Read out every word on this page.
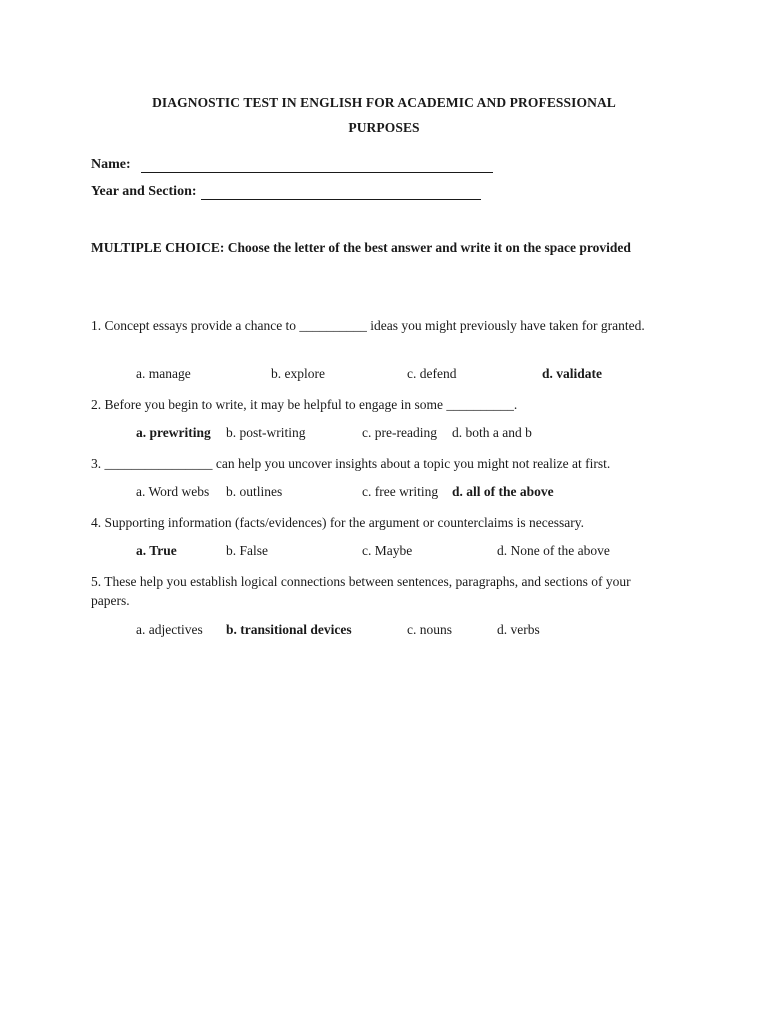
DIAGNOSTIC TEST IN ENGLISH FOR ACADEMIC AND PROFESSIONAL
PURPOSES
Name:
Year and Section:
MULTIPLE CHOICE: Choose the letter of the best answer and write it on the space provided
1. Concept essays provide a chance to __________ ideas you might previously have taken for granted.
a. manage	b. explore	c. defend	d. validate
2. Before you begin to write, it may be helpful to engage in some __________.
a. prewriting b. post-writing	c. pre-reading d. both a and b
3. ________________ can help you uncover insights about a topic you might not realize at first.
a. Word webs b. outlines	c. free writing d. all of the above
4. Supporting information (facts/evidences) for the argument or counterclaims is necessary.
a. True	b. False	c. Maybe	d. None of the above
5. These help you establish logical connections between sentences, paragraphs, and sections of your papers.
a. adjectives b. transitional devices	c. nouns	d. verbs
